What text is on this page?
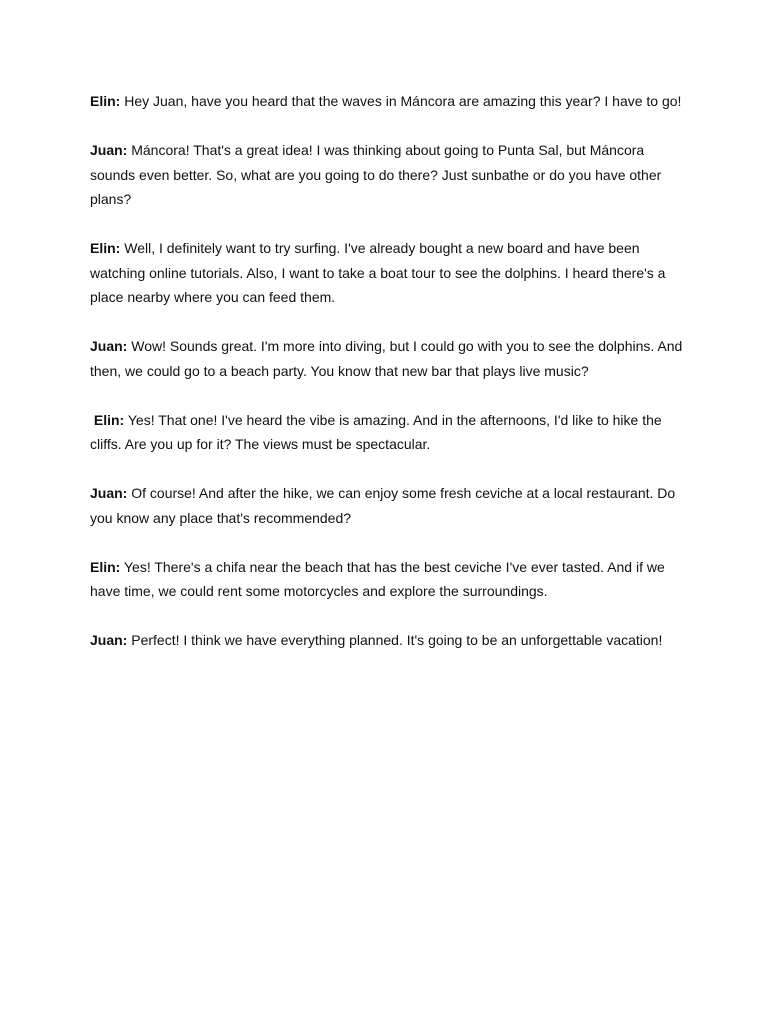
Elin: Hey Juan, have you heard that the waves in Máncora are amazing this year? I have to go!

Juan: Máncora! That's a great idea! I was thinking about going to Punta Sal, but Máncora sounds even better. So, what are you going to do there? Just sunbathe or do you have other plans?

Elin: Well, I definitely want to try surfing. I've already bought a new board and have been watching online tutorials. Also, I want to take a boat tour to see the dolphins. I heard there's a place nearby where you can feed them.

Juan: Wow! Sounds great. I'm more into diving, but I could go with you to see the dolphins. And then, we could go to a beach party. You know that new bar that plays live music?

Elin: Yes! That one! I've heard the vibe is amazing. And in the afternoons, I'd like to hike the cliffs. Are you up for it? The views must be spectacular.

Juan: Of course! And after the hike, we can enjoy some fresh ceviche at a local restaurant. Do you know any place that's recommended?

Elin: Yes! There's a chifa near the beach that has the best ceviche I've ever tasted. And if we have time, we could rent some motorcycles and explore the surroundings.

Juan: Perfect! I think we have everything planned. It's going to be an unforgettable vacation!
